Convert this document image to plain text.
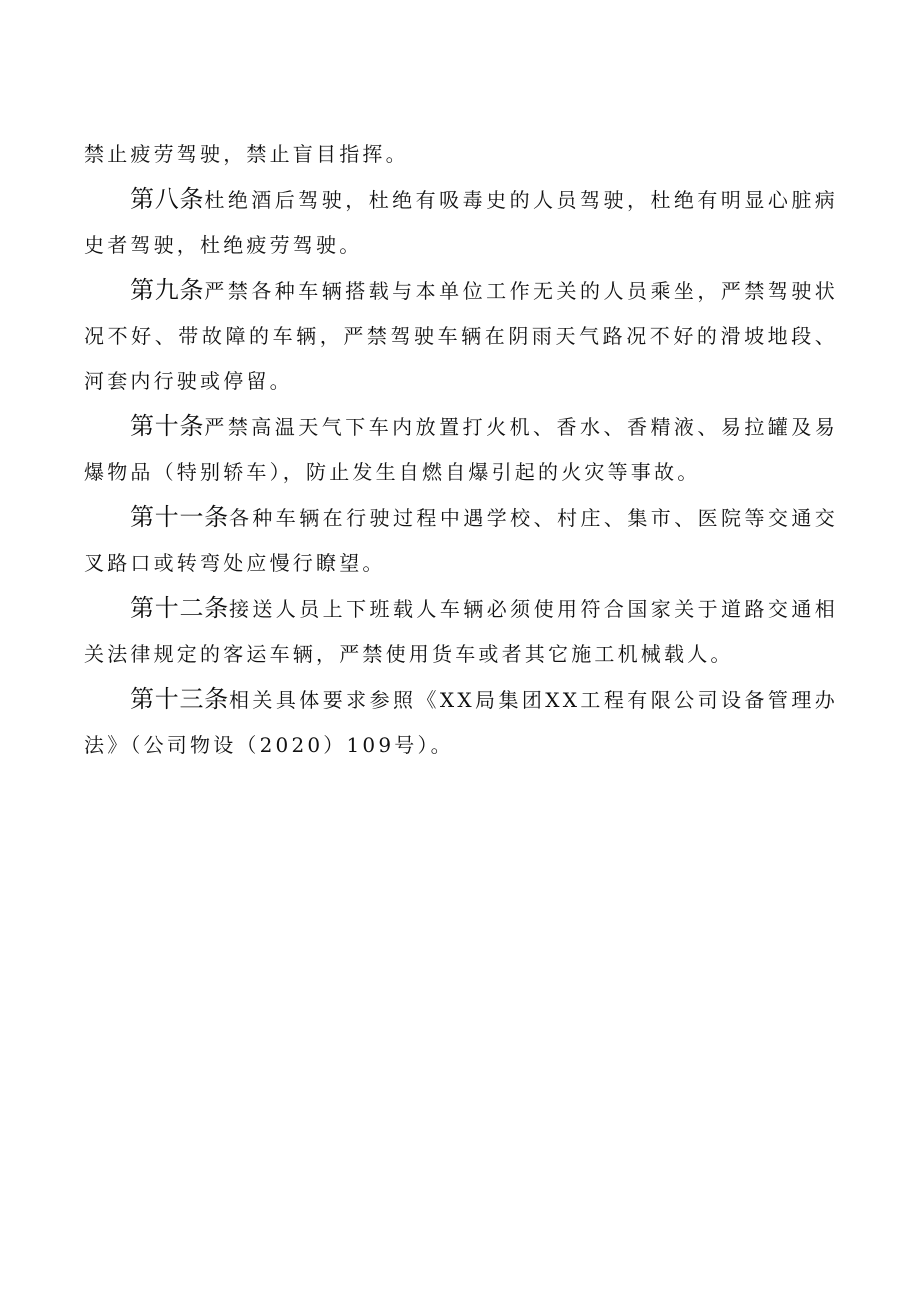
禁止疲劳驾驶，禁止盲目指挥。

第八条杜绝酒后驾驶，杜绝有吸毒史的人员驾驶，杜绝有明显心脏病史者驾驶，杜绝疲劳驾驶。

第九条严禁各种车辆搭载与本单位工作无关的人员乘坐，严禁驾驶状况不好、带故障的车辆，严禁驾驶车辆在阴雨天气路况不好的滑坡地段、河套内行驶或停留。

第十条严禁高温天气下车内放置打火机、香水、香精液、易拉罐及易爆物品（特别轿车），防止发生自燃自爆引起的火灾等事故。

第十一条各种车辆在行驶过程中遇学校、村庄、集市、医院等交通交叉路口或转弯处应慢行瞭望。

第十二条接送人员上下班载人车辆必须使用符合国家关于道路交通相关法律规定的客运车辆，严禁使用货车或者其它施工机械载人。

第十三条相关具体要求参照《XX局集团XX工程有限公司设备管理办法》（公司物设（2020）109号）。
